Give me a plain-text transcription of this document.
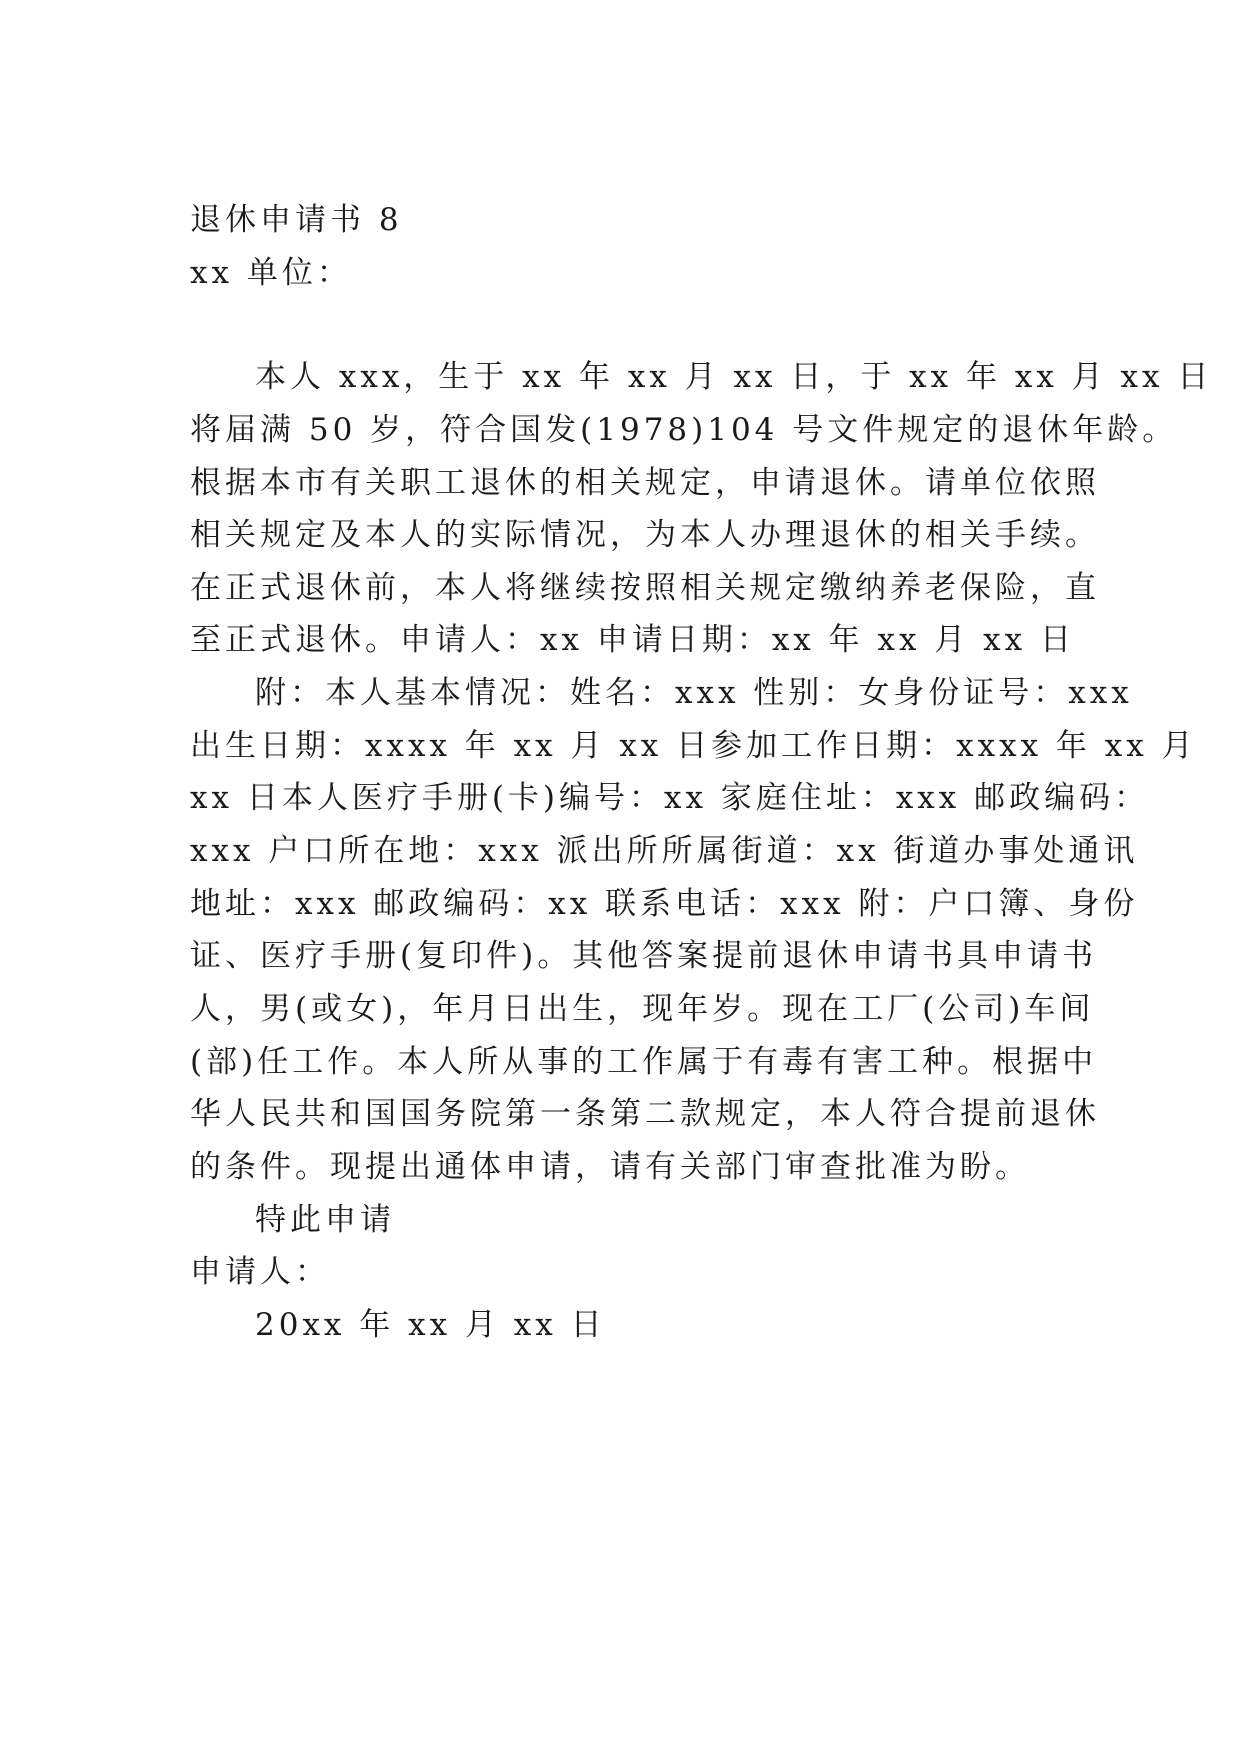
退休申请书 8
xx 单位：
本人 xxx，生于 xx 年 xx 月 xx 日，于 xx 年 xx 月 xx 日
将届满 50 岁，符合国发(1978)104 号文件规定的退休年龄。
根据本市有关职工退休的相关规定，申请退休。请单位依照
相关规定及本人的实际情况，为本人办理退休的相关手续。
在正式退休前，本人将继续按照相关规定缴纳养老保险，直
至正式退休。申请人：xx 申请日期：xx 年 xx 月 xx 日
附：本人基本情况：姓名：xxx 性别：女身份证号：xxx
出生日期：xxxx 年 xx 月 xx 日参加工作日期：xxxx 年 xx 月
xx 日本人医疗手册(卡)编号：xx 家庭住址：xxx 邮政编码：
xxx 户口所在地：xxx 派出所所属街道：xx 街道办事处通讯
地址：xxx 邮政编码：xx 联系电话：xxx 附：户口簿、身份
证、医疗手册(复印件)。其他答案提前退休申请书具申请书
人，男(或女)，年月日出生，现年岁。现在工厂(公司)车间
(部)任工作。本人所从事的工作属于有毒有害工种。根据中
华人民共和国国务院第一条第二款规定，本人符合提前退休
的条件。现提出通体申请，请有关部门审查批准为盼。
特此申请
申请人：
20xx 年 xx 月 xx 日
